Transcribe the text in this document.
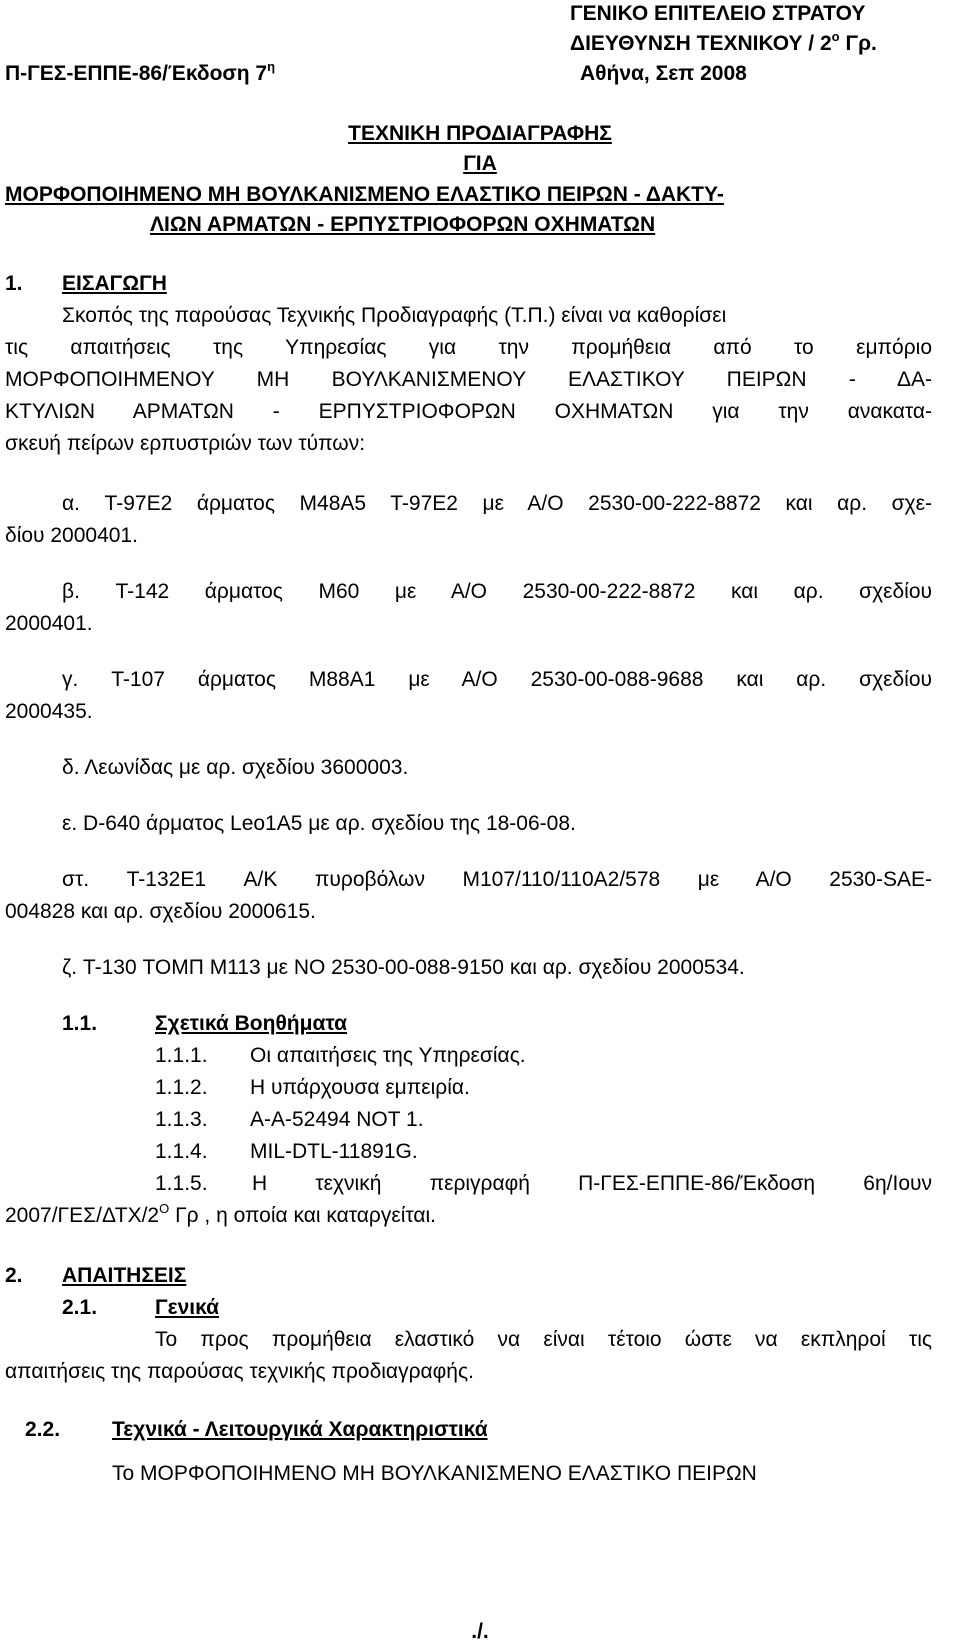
ΓΕΝΙΚΟ ΕΠΙΤΕΛΕΙΟ ΣΤΡΑΤΟΥ
ΔΙΕΥΘΥΝΣΗ ΤΕΧΝΙΚΟΥ / $2^o$ Γρ.
Π-ΓΕΣ-ΕΠΠΕ-86/Έκδοση $7^\eta$	Αθήνα, Σεπ 2008
ΤΕΧΝΙΚΗ ΠΡΟΔΙΑΓΡΑΦΗΣ
ΓΙΑ
ΜΟΡΦΟΠΟΙΗΜΕΝΟ ΜΗ ΒΟΥΛΚΑΝΙΣΜΕΝΟ ΕΛΑΣΤΙΚΟ ΠΕΙΡΩΝ - ΔΑΚΤΥ-
ΛΙΩΝ ΑΡΜΑΤΩΝ - ΕΡΠΥΣΤΡΙΟΦΟΡΩΝ ΟΧΗΜΑΤΩΝ
1. ΕΙΣΑΓΩΓΗ
Σκοπός της παρούσας Τεχνικής Προδιαγραφής (Τ.Π.) είναι να καθορίσει
τις απαιτήσεις της Υπηρεσίας για την προμήθεια από το εμπόριο
ΜΟΡΦΟΠΟΙΗΜΕΝΟΥ ΜΗ ΒΟΥΛΚΑΝΙΣΜΕΝΟΥ ΕΛΑΣΤΙΚΟΥ ΠΕΙΡΩΝ - ΔΑ-
ΚΤΥΛΙΩΝ ΑΡΜΑΤΩΝ - ΕΡΠΥΣΤΡΙΟΦΟΡΩΝ ΟΧΗΜΑΤΩΝ για την ανακατα-
σκευή πείρων ερπυστριών των τύπων:
α. T-97E2 άρματος M48A5 T-97E2 με Α/Ο 2530-00-222-8872 και αρ. σχε-
δίου 2000401.
β. T-142 άρματος M60 με Α/Ο 2530-00-222-8872 και αρ. σχεδίου
2000401.
γ. T-107 άρματος M88A1 με Α/Ο 2530-00-088-9688 και αρ. σχεδίου
2000435.
δ. Λεωνίδας με αρ. σχεδίου 3600003.
ε. D-640 άρματος Leo1A5 με αρ. σχεδίου της 18-06-08.
στ. T-132E1 Α/Κ πυροβόλων M107/110/110A2/578 με Α/Ο 2530-SAE-
004828 και αρ. σχεδίου 2000615.
ζ. T-130 ΤΟΜΠ M113 με ΝΟ 2530-00-088-9150 και αρ. σχεδίου 2000534.
1.1.	Σχετικά Βοηθήματα
1.1.1. Οι απαιτήσεις της Υπηρεσίας.
1.1.2. Η υπάρχουσα εμπειρία.
1.1.3. A-A-52494 NOT 1.
1.1.4. MIL-DTL-11891G.
1.1.5. Η τεχνική περιγραφή Π-ΓΕΣ-ΕΠΠΕ-86/Έκδοση 6η/Ιουν
$2007/\Gamma E\Sigma/\Delta TX/2^O$ Γρ , η οποία και καταργείται.
2. ΑΠΑΙΤΗΣΕΙΣ
2.1.	Γενικά
Το προς προμήθεια ελαστικό να είναι τέτοιο ώστε να εκπληροί τις
απαιτήσεις της παρούσας τεχνικής προδιαγραφής.
2.2. Τεχνικά - Λειτουργικά Χαρακτηριστικά
Το ΜΟΡΦΟΠΟΙΗΜΕΝΟ ΜΗ ΒΟΥΛΚΑΝΙΣΜΕΝΟ ΕΛΑΣΤΙΚΟ ΠΕΙΡΩΝ
./.
